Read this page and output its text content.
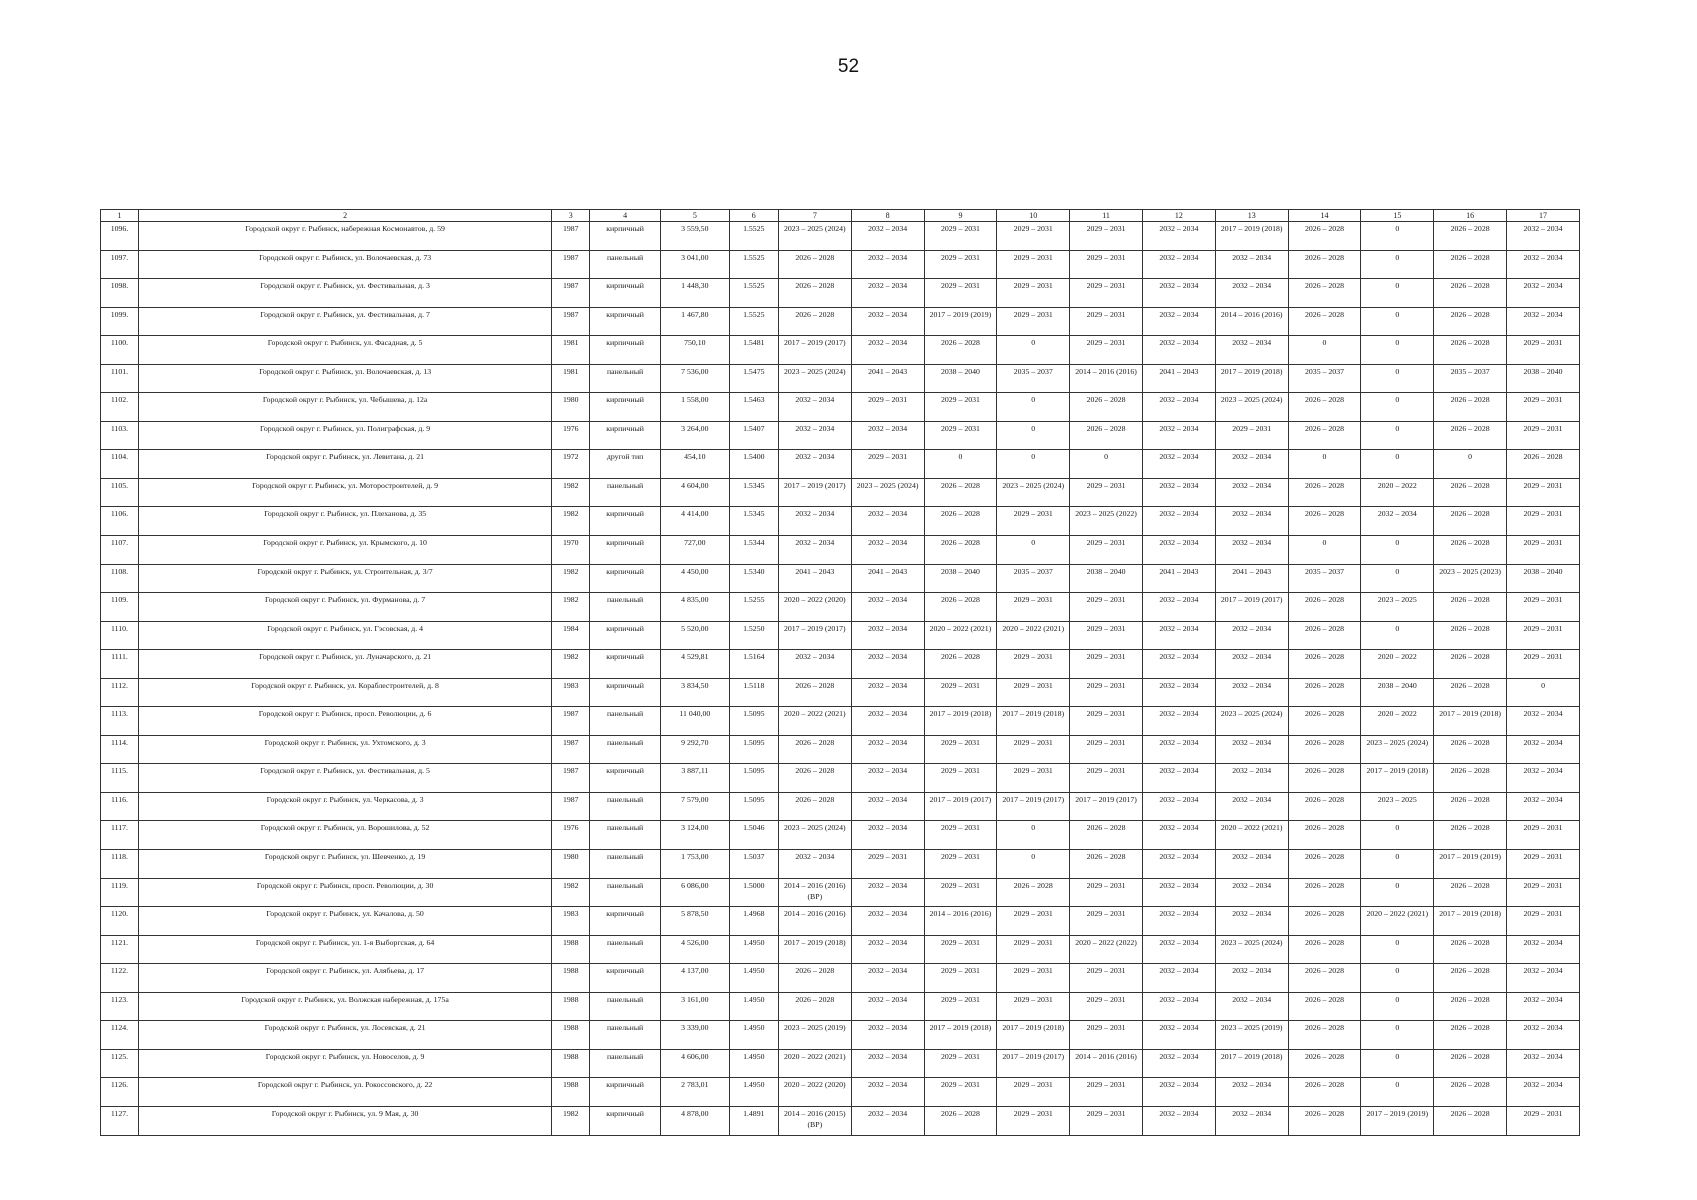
52
1	2	3	4	5	6	7	8	9	10	11	12	13	14	15	16	17
1096.	Городской округ г. Рыбинск, набережная Космонавтов, д. 59	1987	кирпичный	3 559,50	1.5525	2023 – 2025 (2024)	2032 – 2034	2029 – 2031	2029 – 2031	2029 – 2031	2032 – 2034	2017 – 2019 (2018)	2026 – 2028	0	2026 – 2028	2032 – 2034
1097.	Городской округ г. Рыбинск, ул. Волочаевская, д. 73	1987	панельный	3 041,00	1.5525	2026 – 2028	2032 – 2034	2029 – 2031	2029 – 2031	2029 – 2031	2032 – 2034	2032 – 2034	2026 – 2028	0	2026 – 2028	2032 – 2034
1098.	Городской округ г. Рыбинск, ул. Фестивальная, д. 3	1987	кирпичный	1 448,30	1.5525	2026 – 2028	2032 – 2034	2029 – 2031	2029 – 2031	2029 – 2031	2032 – 2034	2032 – 2034	2026 – 2028	0	2026 – 2028	2032 – 2034
1099.	Городской округ г. Рыбинск, ул. Фестивальная, д. 7	1987	кирпичный	1 467,80	1.5525	2026 – 2028	2032 – 2034	2017 – 2019 (2019)	2029 – 2031	2029 – 2031	2032 – 2034	2014 – 2016 (2016)	2026 – 2028	0	2026 – 2028	2032 – 2034
1100.	Городской округ г. Рыбинск, ул. Фасадная, д. 5	1981	кирпичный	750,10	1.5481	2017 – 2019 (2017)	2032 – 2034	2026 – 2028	0	2029 – 2031	2032 – 2034	2032 – 2034	0	0	2026 – 2028	2029 – 2031
1101.	Городской округ г. Рыбинск, ул. Волочаевская, д. 13	1981	панельный	7 536,00	1.5475	2023 – 2025 (2024)	2041 – 2043	2038 – 2040	2035 – 2037	2014 – 2016 (2016)	2041 – 2043	2017 – 2019 (2018)	2035 – 2037	0	2035 – 2037	2038 – 2040
1102.	Городской округ г. Рыбинск, ул. Чебышева, д. 12а	1980	кирпичный	1 558,00	1.5463	2032 – 2034	2029 – 2031	2029 – 2031	0	2026 – 2028	2032 – 2034	2023 – 2025 (2024)	2026 – 2028	0	2026 – 2028	2029 – 2031
1103.	Городской округ г. Рыбинск, ул. Полиграфская, д. 9	1976	кирпичный	3 264,00	1.5407	2032 – 2034	2032 – 2034	2029 – 2031	0	2026 – 2028	2032 – 2034	2029 – 2031	2026 – 2028	0	2026 – 2028	2029 – 2031
1104.	Городской округ г. Рыбинск, ул. Левитана, д. 21	1972	другой тип	454,10	1.5400	2032 – 2034	2029 – 2031	0	0	0	2032 – 2034	2032 – 2034	0	0	0	2026 – 2028
1105.	Городской округ г. Рыбинск, ул. Моторостроителей, д. 9	1982	панельный	4 604,00	1.5345	2017 – 2019 (2017)	2023 – 2025 (2024)	2026 – 2028	2023 – 2025 (2024)	2029 – 2031	2032 – 2034	2032 – 2034	2026 – 2028	2020 – 2022	2026 – 2028	2029 – 2031
1106.	Городской округ г. Рыбинск, ул. Плеханова, д. 35	1982	кирпичный	4 414,00	1.5345	2032 – 2034	2032 – 2034	2026 – 2028	2029 – 2031	2023 – 2025 (2022)	2032 – 2034	2032 – 2034	2026 – 2028	2032 – 2034	2026 – 2028	2029 – 2031
1107.	Городской округ г. Рыбинск, ул. Крымского, д. 10	1970	кирпичный	727,00	1.5344	2032 – 2034	2032 – 2034	2026 – 2028	0	2029 – 2031	2032 – 2034	2032 – 2034	0	0	2026 – 2028	2029 – 2031
1108.	Городской округ г. Рыбинск, ул. Строительная, д. 3/7	1982	кирпичный	4 450,00	1.5340	2041 – 2043	2041 – 2043	2038 – 2040	2035 – 2037	2038 – 2040	2041 – 2043	2041 – 2043	2035 – 2037	0	2023 – 2025 (2023)	2038 – 2040
1109.	Городской округ г. Рыбинск, ул. Фурманова, д. 7	1982	панельный	4 835,00	1.5255	2020 – 2022 (2020)	2032 – 2034	2026 – 2028	2029 – 2031	2029 – 2031	2032 – 2034	2017 – 2019 (2017)	2026 – 2028	2023 – 2025	2026 – 2028	2029 – 2031
1110.	Городской округ г. Рыбинск, ул. Гэсовская, д. 4	1984	кирпичный	5 520,00	1.5250	2017 – 2019 (2017)	2032 – 2034	2020 – 2022 (2021)	2020 – 2022 (2021)	2029 – 2031	2032 – 2034	2032 – 2034	2026 – 2028	0	2026 – 2028	2029 – 2031
1111.	Городской округ г. Рыбинск, ул. Луначарского, д. 21	1982	кирпичный	4 529,81	1.5164	2032 – 2034	2032 – 2034	2026 – 2028	2029 – 2031	2029 – 2031	2032 – 2034	2032 – 2034	2026 – 2028	2020 – 2022	2026 – 2028	2029 – 2031
1112.	Городской округ г. Рыбинск, ул. Кораблестроителей, д. 8	1983	кирпичный	3 834,50	1.5118	2026 – 2028	2032 – 2034	2029 – 2031	2029 – 2031	2029 – 2031	2032 – 2034	2032 – 2034	2026 – 2028	2038 – 2040	2026 – 2028	0
1113.	Городской округ г. Рыбинск, просп. Революции, д. 6	1987	панельный	11 040,00	1.5095	2020 – 2022 (2021)	2032 – 2034	2017 – 2019 (2018)	2017 – 2019 (2018)	2029 – 2031	2032 – 2034	2023 – 2025 (2024)	2026 – 2028	2020 – 2022	2017 – 2019 (2018)	2032 – 2034
1114.	Городской округ г. Рыбинск, ул. Ухтомского, д. 3	1987	панельный	9 292,70	1.5095	2026 – 2028	2032 – 2034	2029 – 2031	2029 – 2031	2029 – 2031	2032 – 2034	2032 – 2034	2026 – 2028	2023 – 2025 (2024)	2026 – 2028	2032 – 2034
1115.	Городской округ г. Рыбинск, ул. Фестивальная, д. 5	1987	кирпичный	3 887,11	1.5095	2026 – 2028	2032 – 2034	2029 – 2031	2029 – 2031	2029 – 2031	2032 – 2034	2032 – 2034	2026 – 2028	2017 – 2019 (2018)	2026 – 2028	2032 – 2034
1116.	Городской округ г. Рыбинск, ул. Черкасова, д. 3	1987	панельный	7 579,00	1.5095	2026 – 2028	2032 – 2034	2017 – 2019 (2017)	2017 – 2019 (2017)	2017 – 2019 (2017)	2032 – 2034	2032 – 2034	2026 – 2028	2023 – 2025	2026 – 2028	2032 – 2034
1117.	Городской округ г. Рыбинск, ул. Ворошилова, д. 52	1976	панельный	3 124,00	1.5046	2023 – 2025 (2024)	2032 – 2034	2029 – 2031	0	2026 – 2028	2032 – 2034	2020 – 2022 (2021)	2026 – 2028	0	2026 – 2028	2029 – 2031
1118.	Городской округ г. Рыбинск, ул. Шевченко, д. 19	1980	панельный	1 753,00	1.5037	2032 – 2034	2029 – 2031	2029 – 2031	0	2026 – 2028	2032 – 2034	2032 – 2034	2026 – 2028	0	2017 – 2019 (2019)	2029 – 2031
1119.	Городской округ г. Рыбинск, просп. Революции, д. 30	1982	панельный	6 086,00	1.5000	2014 – 2016 (2016) (ВР)	2032 – 2034	2029 – 2031	2026 – 2028	2029 – 2031	2032 – 2034	2032 – 2034	2026 – 2028	0	2026 – 2028	2029 – 2031
1120.	Городской округ г. Рыбинск, ул. Качалова, д. 50	1983	кирпичный	5 878,50	1.4968	2014 – 2016 (2016)	2032 – 2034	2014 – 2016 (2016)	2029 – 2031	2029 – 2031	2032 – 2034	2032 – 2034	2026 – 2028	2020 – 2022 (2021)	2017 – 2019 (2018)	2029 – 2031
1121.	Городской округ г. Рыбинск, ул. 1-я Выборгская, д. 64	1988	панельный	4 526,00	1.4950	2017 – 2019 (2018)	2032 – 2034	2029 – 2031	2029 – 2031	2020 – 2022 (2022)	2032 – 2034	2023 – 2025 (2024)	2026 – 2028	0	2026 – 2028	2032 – 2034
1122.	Городской округ г. Рыбинск, ул. Алябьева, д. 17	1988	кирпичный	4 137,00	1.4950	2026 – 2028	2032 – 2034	2029 – 2031	2029 – 2031	2029 – 2031	2032 – 2034	2032 – 2034	2026 – 2028	0	2026 – 2028	2032 – 2034
1123.	Городской округ г. Рыбинск, ул. Волжская набережная, д. 175а	1988	панельный	3 161,00	1.4950	2026 – 2028	2032 – 2034	2029 – 2031	2029 – 2031	2029 – 2031	2032 – 2034	2032 – 2034	2026 – 2028	0	2026 – 2028	2032 – 2034
1124.	Городской округ г. Рыбинск, ул. Лосевская, д. 21	1988	панельный	3 339,00	1.4950	2023 – 2025 (2019)	2032 – 2034	2017 – 2019 (2018)	2017 – 2019 (2018)	2029 – 2031	2032 – 2034	2023 – 2025 (2019)	2026 – 2028	0	2026 – 2028	2032 – 2034
1125.	Городской округ г. Рыбинск, ул. Новоселов, д. 9	1988	панельный	4 606,00	1.4950	2020 – 2022 (2021)	2032 – 2034	2029 – 2031	2017 – 2019 (2017)	2014 – 2016 (2016)	2032 – 2034	2017 – 2019 (2018)	2026 – 2028	0	2026 – 2028	2032 – 2034
1126.	Городской округ г. Рыбинск, ул. Рокоссовского, д. 22	1988	кирпичный	2 783,01	1.4950	2020 – 2022 (2020)	2032 – 2034	2029 – 2031	2029 – 2031	2029 – 2031	2032 – 2034	2032 – 2034	2026 – 2028	0	2026 – 2028	2032 – 2034
1127.	Городской округ г. Рыбинск, ул. 9 Мая, д. 30	1982	кирпичный	4 878,00	1.4891	2014 – 2016 (2015) (ВР)	2032 – 2034	2026 – 2028	2029 – 2031	2029 – 2031	2032 – 2034	2032 – 2034	2026 – 2028	2017 – 2019 (2019)	2026 – 2028	2029 – 2031
